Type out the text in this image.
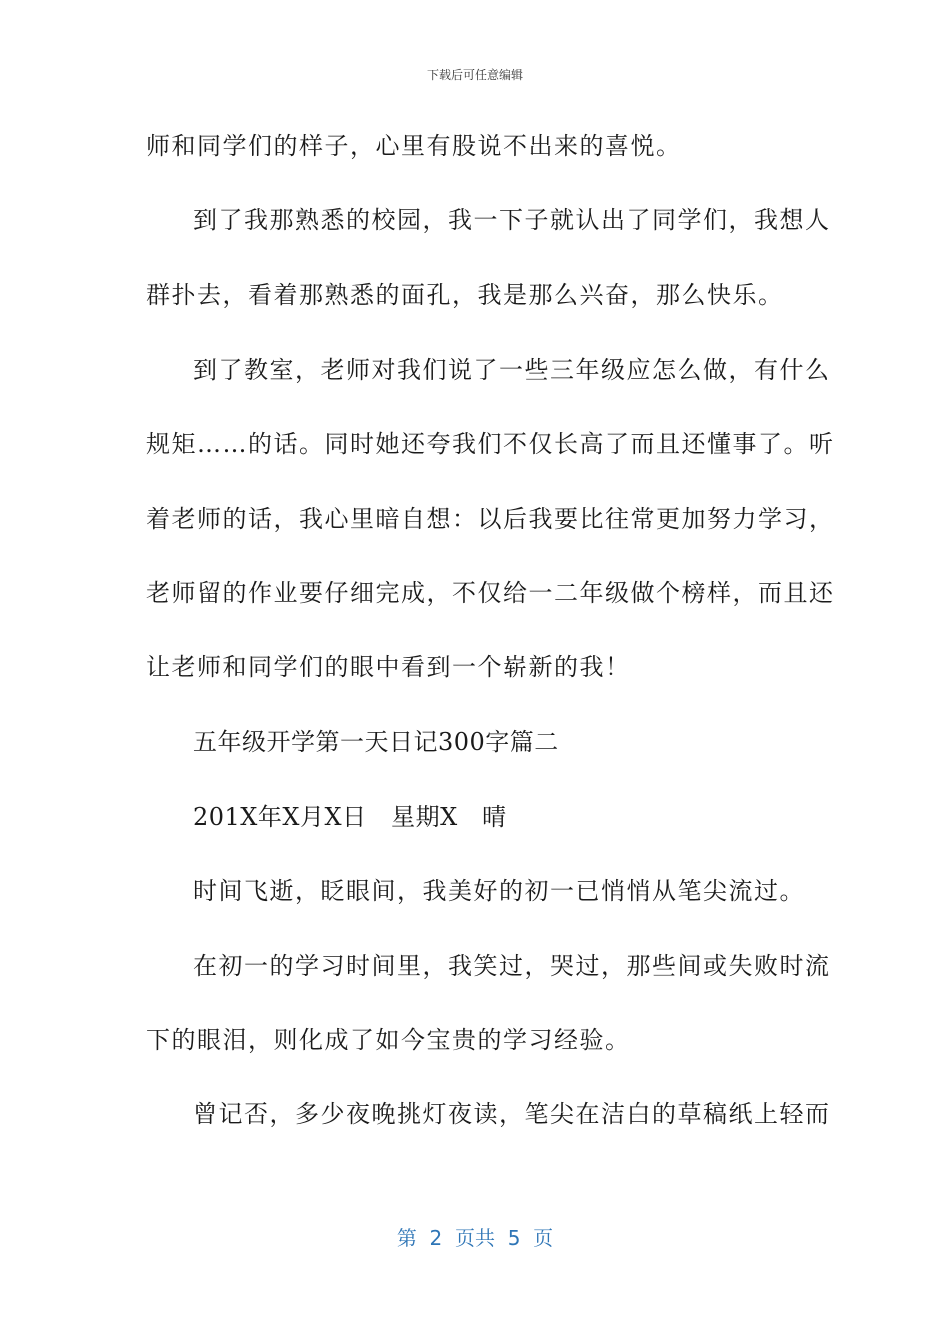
下载后可任意编辑
师和同学们的样子，心里有股说不出来的喜悦。
到了我那熟悉的校园，我一下子就认出了同学们，我想人
群扑去，看着那熟悉的面孔，我是那么兴奋，那么快乐。
到了教室，老师对我们说了一些三年级应怎么做，有什么
规矩……的话。同时她还夸我们不仅长高了而且还懂事了。听
着老师的话，我心里暗自想：以后我要比往常更加努力学习，
老师留的作业要仔细完成，不仅给一二年级做个榜样，而且还
让老师和同学们的眼中看到一个崭新的我！
五年级开学第一天日记300字篇二
201X年X月X日　星期X　晴
时间飞逝，眨眼间，我美好的初一已悄悄从笔尖流过。
在初一的学习时间里，我笑过，哭过，那些间或失败时流
下的眼泪，则化成了如今宝贵的学习经验。
曾记否，多少夜晚挑灯夜读，笔尖在洁白的草稿纸上轻而
第  2  页共  5  页
